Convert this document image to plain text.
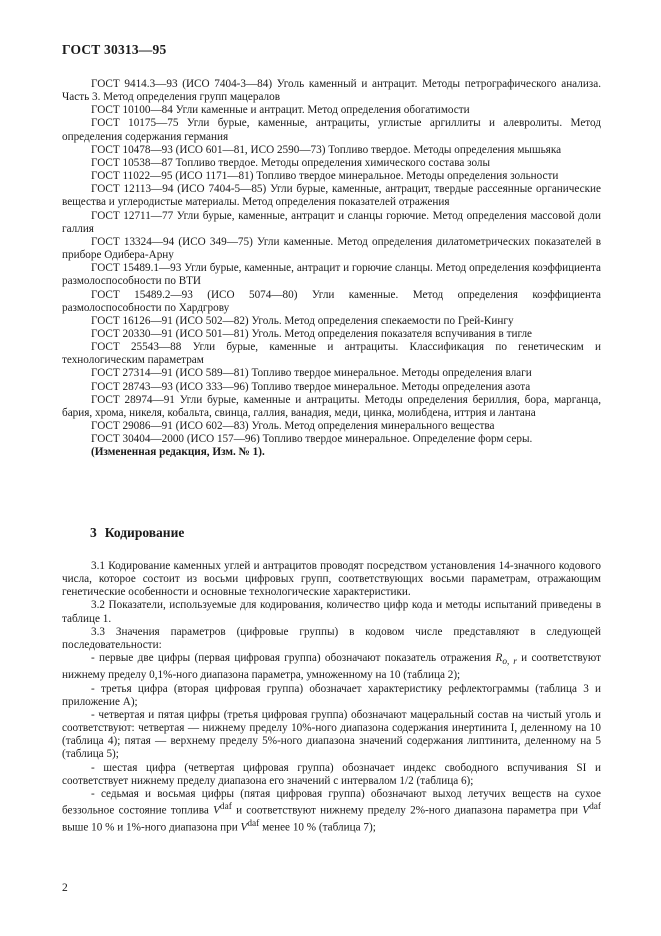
ГОСТ 30313—95

ГОСТ 9414.3—93 (ИСО 7404-3—84) Уголь каменный и антрацит. Методы петрографического анализа. Часть 3. Метод определения групп мацералов

ГОСТ 10100—84 Угли каменные и антрацит. Метод определения обогатимости

ГОСТ 10175—75 Угли бурые, каменные, антрациты, углистые аргиллиты и алевролиты. Метод определения содержания германия

ГОСТ 10478—93 (ИСО 601—81, ИСО 2590—73) Топливо твердое. Методы определения мышьяка

ГОСТ 10538—87 Топливо твердое. Методы определения химического состава золы

ГОСТ 11022—95 (ИСО 1171—81) Топливо твердое минеральное. Методы определения зольности

ГОСТ 12113—94 (ИСО 7404-5—85) Угли бурые, каменные, антрацит, твердые рассеянные органические вещества и углеродистые материалы. Метод определения показателей отражения

ГОСТ 12711—77 Угли бурые, каменные, антрацит и сланцы горючие. Метод определения массовой доли галлия

ГОСТ 13324—94 (ИСО 349—75) Угли каменные. Метод определения дилатометрических показателей в приборе Одибера-Арну

ГОСТ 15489.1—93 Угли бурые, каменные, антрацит и горючие сланцы. Метод определения коэффициента размолоспособности по ВТИ

ГОСТ 15489.2—93 (ИСО 5074—80) Угли каменные. Метод определения коэффициента размолоспособности по Хардгрову

ГОСТ 16126—91 (ИСО 502—82) Уголь. Метод определения спекаемости по Грей-Кингу

ГОСТ 20330—91 (ИСО 501—81) Уголь. Метод определения показателя вспучивания в тигле

ГОСТ 25543—88 Угли бурые, каменные и антрациты. Классификация по генетическим и технологическим параметрам

ГОСТ 27314—91 (ИСО 589—81) Топливо твердое минеральное. Методы определения влаги

ГОСТ 28743—93 (ИСО 333—96) Топливо твердое минеральное. Методы определения азота

ГОСТ 28974—91 Угли бурые, каменные и антрациты. Методы определения бериллия, бора, марганца, бария, хрома, никеля, кобальта, свинца, галлия, ванадия, меди, цинка, молибдена, иттрия и лантана

ГОСТ 29086—91 (ИСО 602—83) Уголь. Метод определения минерального вещества

ГОСТ 30404—2000 (ИСО 157—96) Топливо твердое минеральное. Определение форм серы.

(Измененная редакция, Изм. № 1).

3 Кодирование

3.1 Кодирование каменных углей и антрацитов проводят посредством установления 14-значного кодового числа, которое состоит из восьми цифровых групп, соответствующих восьми параметрам, отражающим генетические особенности и основные технологические характеристики.

3.2 Показатели, используемые для кодирования, количество цифр кода и методы испытаний приведены в таблице 1.

3.3 Значения параметров (цифровые группы) в кодовом числе представляют в следующей последовательности:

- первые две цифры (первая цифровая группа) обозначают показатель отражения $R_{o, r}$ и соответствуют нижнему пределу 0,1%-ного диапазона параметра, умноженному на 10 (таблица 2);

- третья цифра (вторая цифровая группа) обозначает характеристику рефлектограммы (таблица 3 и приложение А);

- четвертая и пятая цифры (третья цифровая группа) обозначают мацеральный состав на чистый уголь и соответствуют: четвертая — нижнему пределу 10%-ного диапазона содержания инертинита I, деленному на 10 (таблица 4); пятая — верхнему пределу 5%-ного диапазона значений содержания липтинита, деленному на 5 (таблица 5);

- шестая цифра (четвертая цифровая группа) обозначает индекс свободного вспучивания SI и соответствует нижнему пределу диапазона его значений с интервалом 1/2 (таблица 6);

- седьмая и восьмая цифры (пятая цифровая группа) обозначают выход летучих веществ на сухое беззольное состояние топлива $V^{daf}$ и соответствуют нижнему пределу 2%-ного диапазона параметра при $V^{daf}$ выше 10 % и 1%-ного диапазона при $V^{daf}$ менее 10 % (таблица 7);

2
